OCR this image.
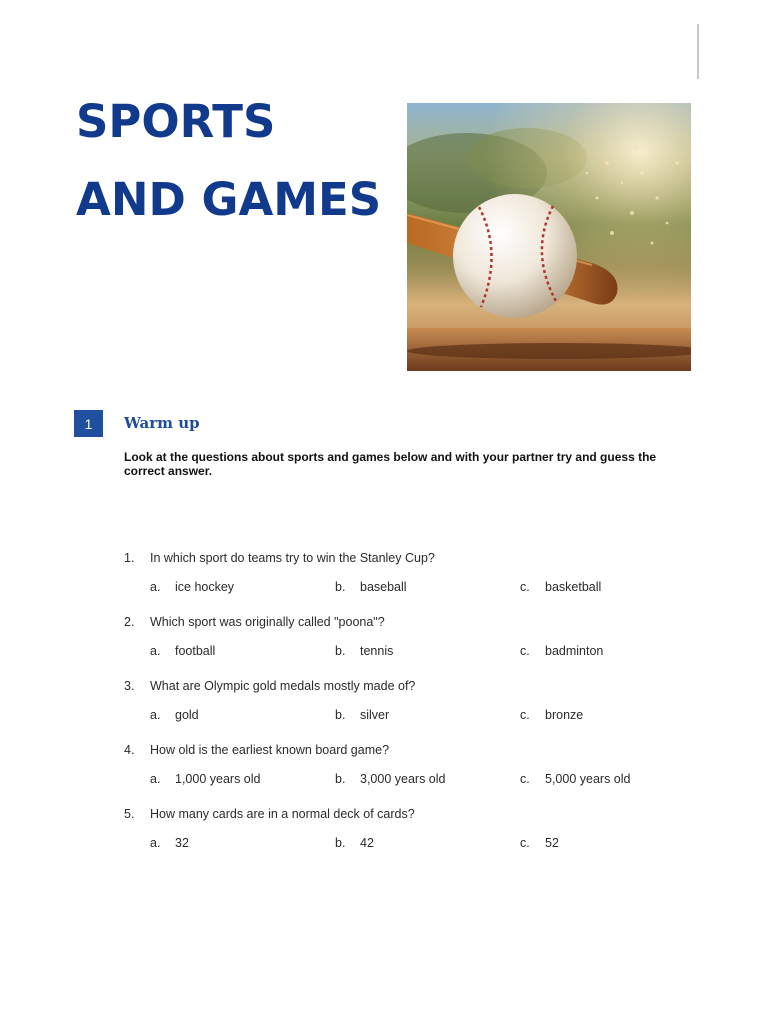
SPORTS
AND GAMES
1	Warm up

Look at the questions about sports and games below and with your partner try and guess the correct answer.

1. In which sport do teams try to win the Stanley Cup?
a. ice hockey	b. baseball	c. basketball
2. Which sport was originally called "poona"?
a. football	b. tennis	c. badminton
3. What are Olympic gold medals mostly made of?
a. gold	b. silver	c. bronze
4. How old is the earliest known board game?
a. 1,000 years old	b. 3,000 years old	c. 5,000 years old
5. How many cards are in a normal deck of cards?
a. 32	b. 42	c. 52
